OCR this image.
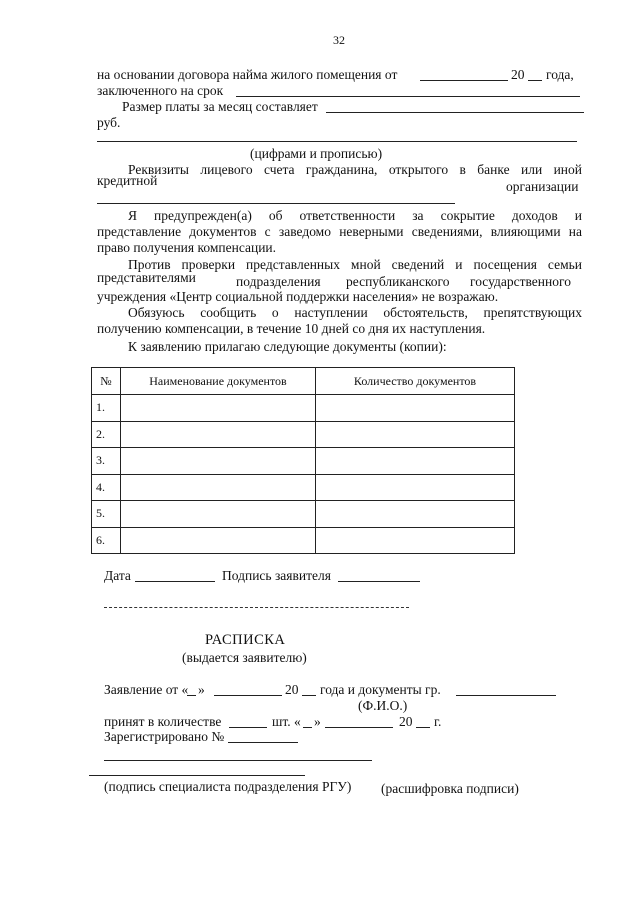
32
на основании договора найма жилого помещения от	20 года,
заключенного на срок
Размер платы за месяц составляет
руб.
(цифрами и прописью)
Реквизиты лицевого счета гражданина, открытого в банке или иной
кредитной	организации
Я предупрежден(а) об ответственности за сокрытие доходов и
представление документов с заведомо неверными сведениями, влияющими на
право получения компенсации.
Против проверки представленных мной сведений и посещения семьи
представителями	подразделения республиканского государственного
учреждения «Центр социальной поддержки населения» не возражаю.
Обязуюсь сообщить о наступлении обстоятельств, препятствующих
получению компенсации, в течение 10 дней со дня их наступления.
К заявлению прилагаю следующие документы (копии):
№	Наименование документов	Количество документов
1.		
2.		
3.		
4.		
5.		
6.		
Дата	Подпись заявителя
РАСПИСКА
(выдается заявителю)
Заявление от « »	20 года и документы гр.
(Ф.И.О.)
принят в количестве	шт. « »	20 г.
Зарегистрировано №
(подпись специалиста подразделения РГУ) (расшифровка подписи)
